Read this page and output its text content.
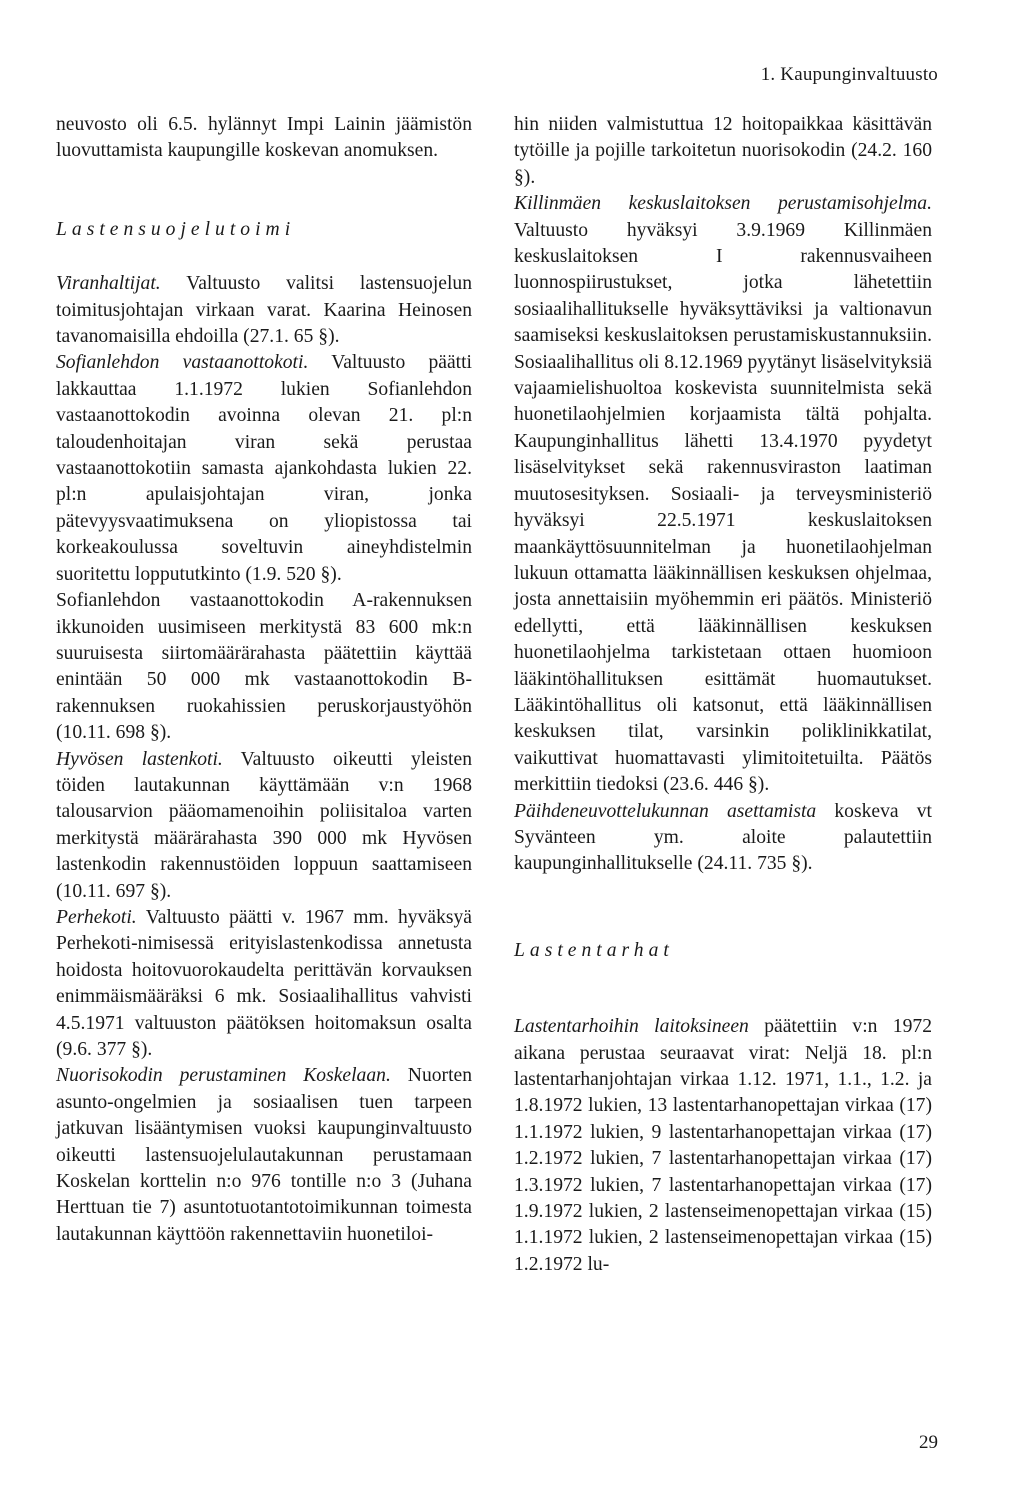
1. Kaupunginvaltuusto

neuvosto oli 6.5. hylännyt Impi Lainin jäämistön luovuttamista kaupungille koskevan anomuksen.

Lastensuojelutoimi

Viranhaltijat. Valtuusto valitsi lastensuojelun toimitusjohtajan virkaan varat. Kaarina Heinosen tavanomaisilla ehdoilla (27.1. 65 §).

Sofianlehdon vastaanottokoti. Valtuusto päätti lakkauttaa 1.1.1972 lukien Sofianlehdon vastaanottokodin avoinna olevan 21. pl:n taloudenhoitajan viran sekä perustaa vastaanottokotiin samasta ajankohdasta lukien 22. pl:n apulaisjohtajan viran, jonka pätevyysvaatimuksena on yliopistossa tai korkeakoulussa soveltuvin aineyhdistelmin suoritettu loppututkinto (1.9. 520 §).

Sofianlehdon vastaanottokodin A-rakennuksen ikkunoiden uusimiseen merkitystä 83 600 mk:n suuruisesta siirtomäärärahasta päätettiin käyttää enintään 50 000 mk vastaanottokodin B-rakennuksen ruokahissien peruskorjaustyöhön (10.11. 698 §).

Hyvösen lastenkoti. Valtuusto oikeutti yleisten töiden lautakunnan käyttämään v:n 1968 talousarvion pääomamenoihin poliisitaloa varten merkitystä määrärahasta 390 000 mk Hyvösen lastenkodin rakennustöiden loppuun saattamiseen (10.11. 697 §).

Perhekoti. Valtuusto päätti v. 1967 mm. hyväksyä Perhekoti-nimisessä erityislastenkodissa annetusta hoidosta hoitovuorokaudelta perittävän korvauksen enimmäismääräksi 6 mk. Sosiaalihallitus vahvisti 4.5.1971 valtuuston päätöksen hoitomaksun osalta (9.6. 377 §).

Nuorisokodin perustaminen Koskelaan. Nuorten asunto-ongelmien ja sosiaalisen tuen tarpeen jatkuvan lisääntymisen vuoksi kaupunginvaltuusto oikeutti lastensuojelulautakunnan perustamaan Koskelan korttelin n:o 976 tontille n:o 3 (Juhana Herttuan tie 7) asuntotuotantotoimikunnan toimesta lautakunnan käyttöön rakennettaviin huonetiloi-

hin niiden valmistuttua 12 hoitopaikkaa käsittävän tytöille ja pojille tarkoitetun nuorisokodin (24.2. 160 §).

Killinmäen keskuslaitoksen perustamisohjelma. Valtuusto hyväksyi 3.9.1969 Killinmäen keskuslaitoksen I rakennusvaiheen luonnospiirustukset, jotka lähetettiin sosiaalihallitukselle hyväksyttäviksi ja valtionavun saamiseksi keskuslaitoksen perustamiskustannuksiin. Sosiaalihallitus oli 8.12.1969 pyytänyt lisäselvityksiä vajaamielishuoltoa koskevista suunnitelmista sekä huonetilaohjelmien korjaamista tältä pohjalta. Kaupunginhallitus lähetti 13.4.1970 pyydetyt lisäselvitykset sekä rakennusviraston laatiman muutosesityksen. Sosiaali- ja terveysministeriö hyväksyi 22.5.1971 keskuslaitoksen maankäyttösuunnitelman ja huonetilaohjelman lukuun ottamatta lääkinnällisen keskuksen ohjelmaa, josta annettaisiin myöhemmin eri päätös. Ministeriö edellytti, että lääkinnällisen keskuksen huonetilaohjelma tarkistetaan ottaen huomioon lääkintöhallituksen esittämät huomautukset. Lääkintöhallitus oli katsonut, että lääkinnällisen keskuksen tilat, varsinkin poliklinikkatilat, vaikuttivat huomattavasti ylimitoitetuilta. Päätös merkittiin tiedoksi (23.6. 446 §).

Päihdeneuvottelukunnan asettamista koskeva vt Syvänteen ym. aloite palautettiin kaupunginhallitukselle (24.11. 735 §).

Lastentarhat

Lastentarhoihin laitoksineen päätettiin v:n 1972 aikana perustaa seuraavat virat: Neljä 18. pl:n lastentarhanjohtajan virkaa 1.12. 1971, 1.1., 1.2. ja 1.8.1972 lukien, 13 lastentarhanopettajan virkaa (17) 1.1.1972 lukien, 9 lastentarhanopettajan virkaa (17) 1.2.1972 lukien, 7 lastentarhanopettajan virkaa (17) 1.3.1972 lukien, 7 lastentarhanopettajan virkaa (17) 1.9.1972 lukien, 2 lastenseimenopettajan virkaa (15) 1.1.1972 lukien, 2 lastenseimenopettajan virkaa (15) 1.2.1972 lu-

29
